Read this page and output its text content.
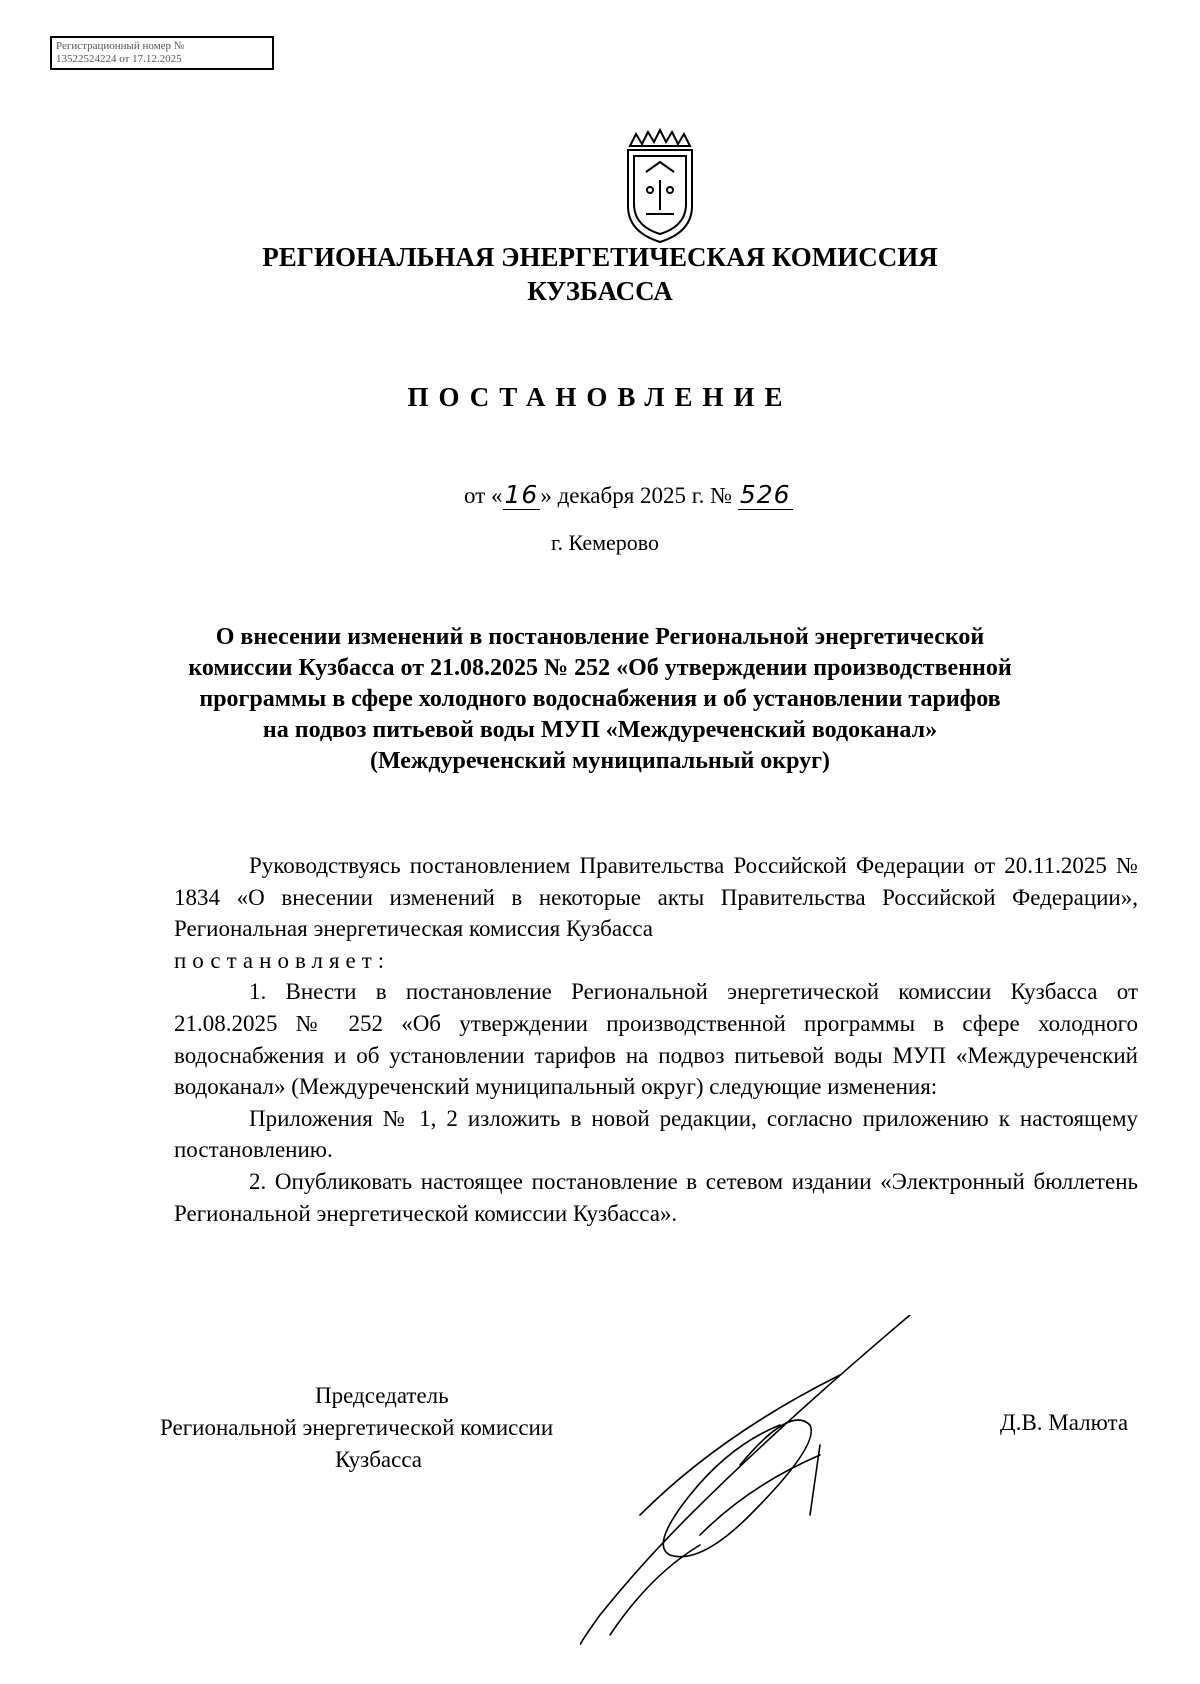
Регистрационный номер №
13522524224 от 17.12.2025
РЕГИОНАЛЬНАЯ ЭНЕРГЕТИЧЕСКАЯ КОМИССИЯ
КУЗБАССА
ПОСТАНОВЛЕНИЕ
от «16» декабря 2025 г. № 526
г. Кемерово
О внесении изменений в постановление Региональной энергетической
комиссии Кузбасса от 21.08.2025 № 252 «Об утверждении производственной
программы в сфере холодного водоснабжения и об установлении тарифов
на подвоз питьевой воды МУП «Междуреченский водоканал»
(Междуреченский муниципальный округ)

Руководствуясь постановлением Правительства Российской Федерации от 20.11.2025 № 1834 «О внесении изменений в некоторые акты Правительства Российской Федерации», Региональная энергетическая комиссия Кузбасса
постановляет:

1. Внести в постановление Региональной энергетической комиссии Кузбасса от 21.08.2025 № 252 «Об утверждении производственной программы в сфере холодного водоснабжения и об установлении тарифов на подвоз питьевой воды МУП «Междуреченский водоканал» (Междуреченский муниципальный округ) следующие изменения:

Приложения № 1, 2 изложить в новой редакции, согласно приложению к настоящему постановлению.

2. Опубликовать настоящее постановление в сетевом издании «Электронный бюллетень Региональной энергетической комиссии Кузбасса».

Председатель
Региональной энергетической комиссии
Кузбасса
Д.В. Малюта
